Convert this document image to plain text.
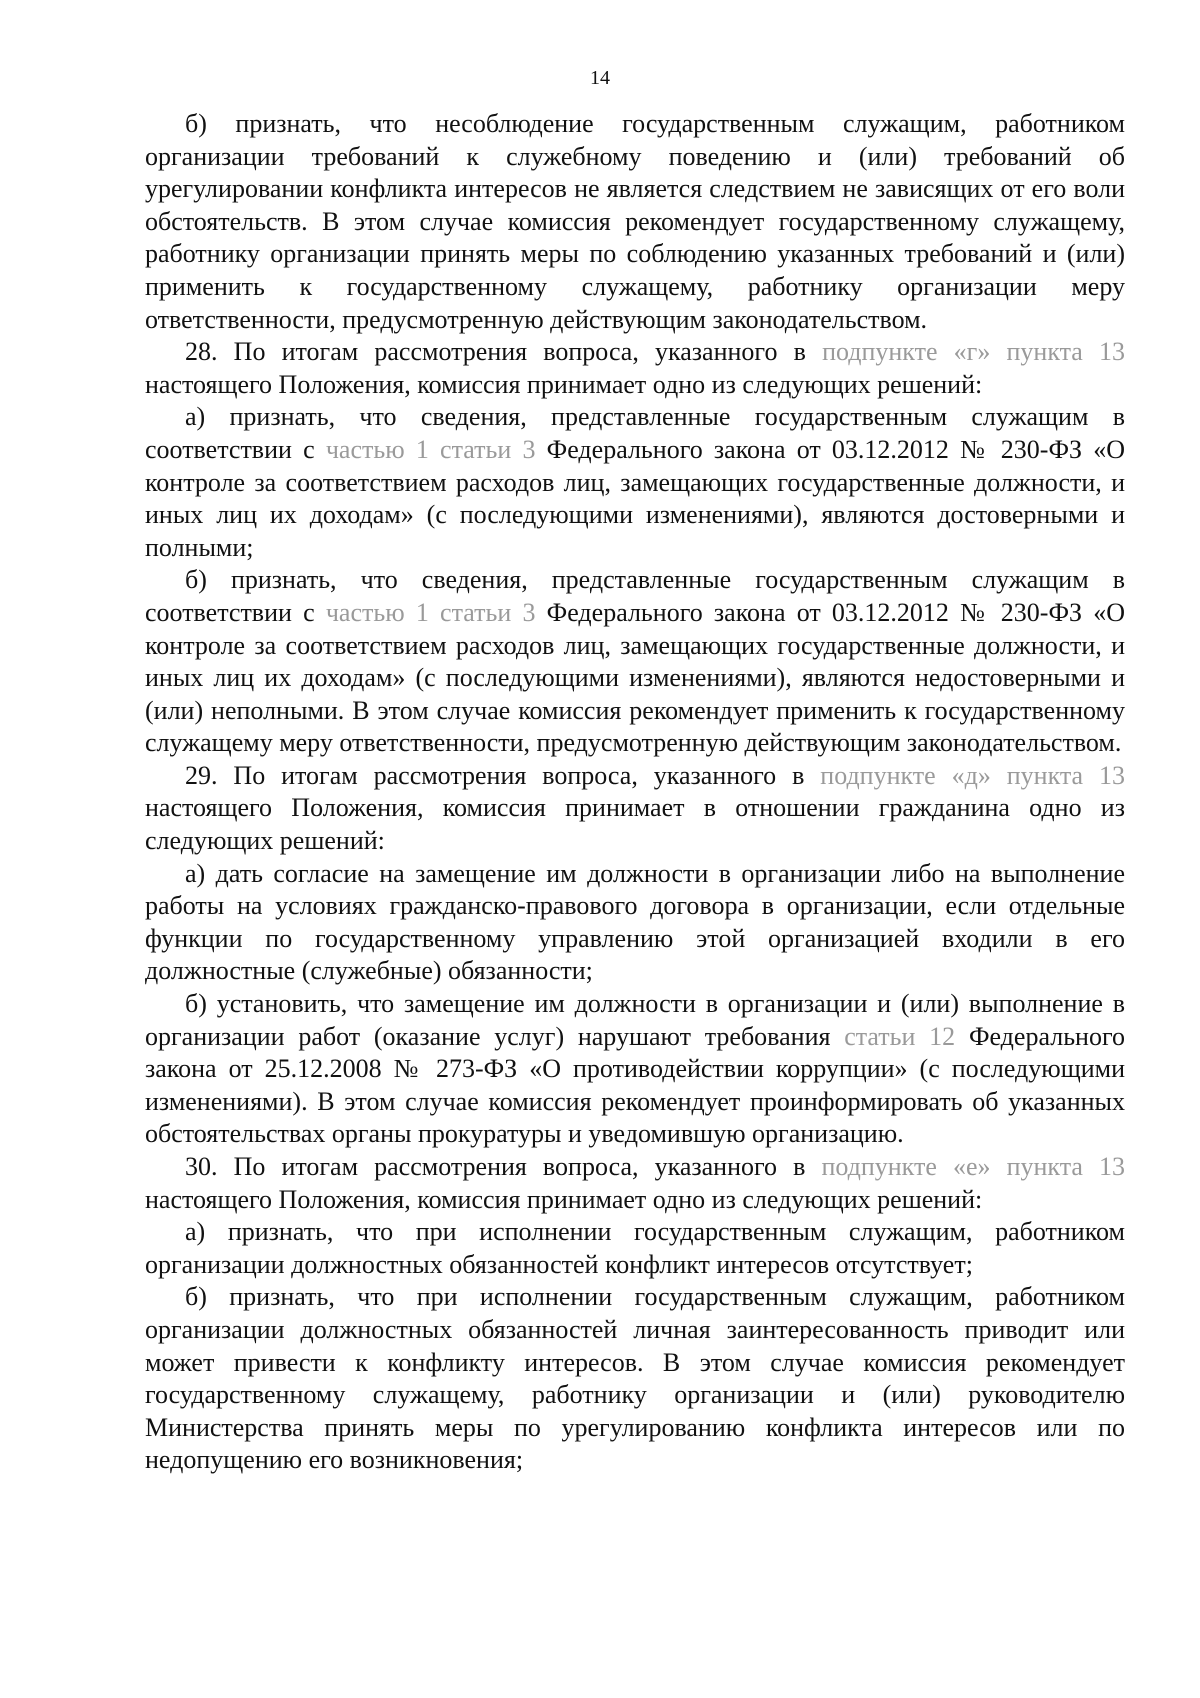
14

б) признать, что несоблюдение государственным служащим, работником организации требований к служебному поведению и (или) требований об урегулировании конфликта интересов не является следствием не зависящих от его воли обстоятельств. В этом случае комиссия рекомендует государственному служащему, работнику организации принять меры по соблюдению указанных требований и (или) применить к государственному служащему, работнику организации меру ответственности, предусмотренную действующим законодательством.

28. По итогам рассмотрения вопроса, указанного в подпункте «г» пункта 13 настоящего Положения, комиссия принимает одно из следующих решений:

а) признать, что сведения, представленные государственным служащим в соответствии с частью 1 статьи 3 Федерального закона от 03.12.2012 № 230-ФЗ «О контроле за соответствием расходов лиц, замещающих государственные должности, и иных лиц их доходам» (с последующими изменениями), являются достоверными и полными;

б) признать, что сведения, представленные государственным служащим в соответствии с частью 1 статьи 3 Федерального закона от 03.12.2012 № 230-ФЗ «О контроле за соответствием расходов лиц, замещающих государственные должности, и иных лиц их доходам» (с последующими изменениями), являются недостоверными и (или) неполными. В этом случае комиссия рекомендует применить к государственному служащему меру ответственности, предусмотренную действующим законодательством.

29. По итогам рассмотрения вопроса, указанного в подпункте «д» пункта 13 настоящего Положения, комиссия принимает в отношении гражданина одно из следующих решений:

а) дать согласие на замещение им должности в организации либо на выполнение работы на условиях гражданско-правового договора в организации, если отдельные функции по государственному управлению этой организацией входили в его должностные (служебные) обязанности;

б) установить, что замещение им должности в организации и (или) выполнение в организации работ (оказание услуг) нарушают требования статьи 12 Федерального закона от 25.12.2008 № 273-ФЗ «О противодействии коррупции» (с последующими изменениями). В этом случае комиссия рекомендует проинформировать об указанных обстоятельствах органы прокуратуры и уведомившую организацию.

30. По итогам рассмотрения вопроса, указанного в подпункте «е» пункта 13 настоящего Положения, комиссия принимает одно из следующих решений:

а) признать, что при исполнении государственным служащим, работником организации должностных обязанностей конфликт интересов отсутствует;

б) признать, что при исполнении государственным служащим, работником организации должностных обязанностей личная заинтересованность приводит или может привести к конфликту интересов. В этом случае комиссия рекомендует государственному служащему, работнику организации и (или) руководителю Министерства принять меры по урегулированию конфликта интересов или по недопущению его возникновения;
